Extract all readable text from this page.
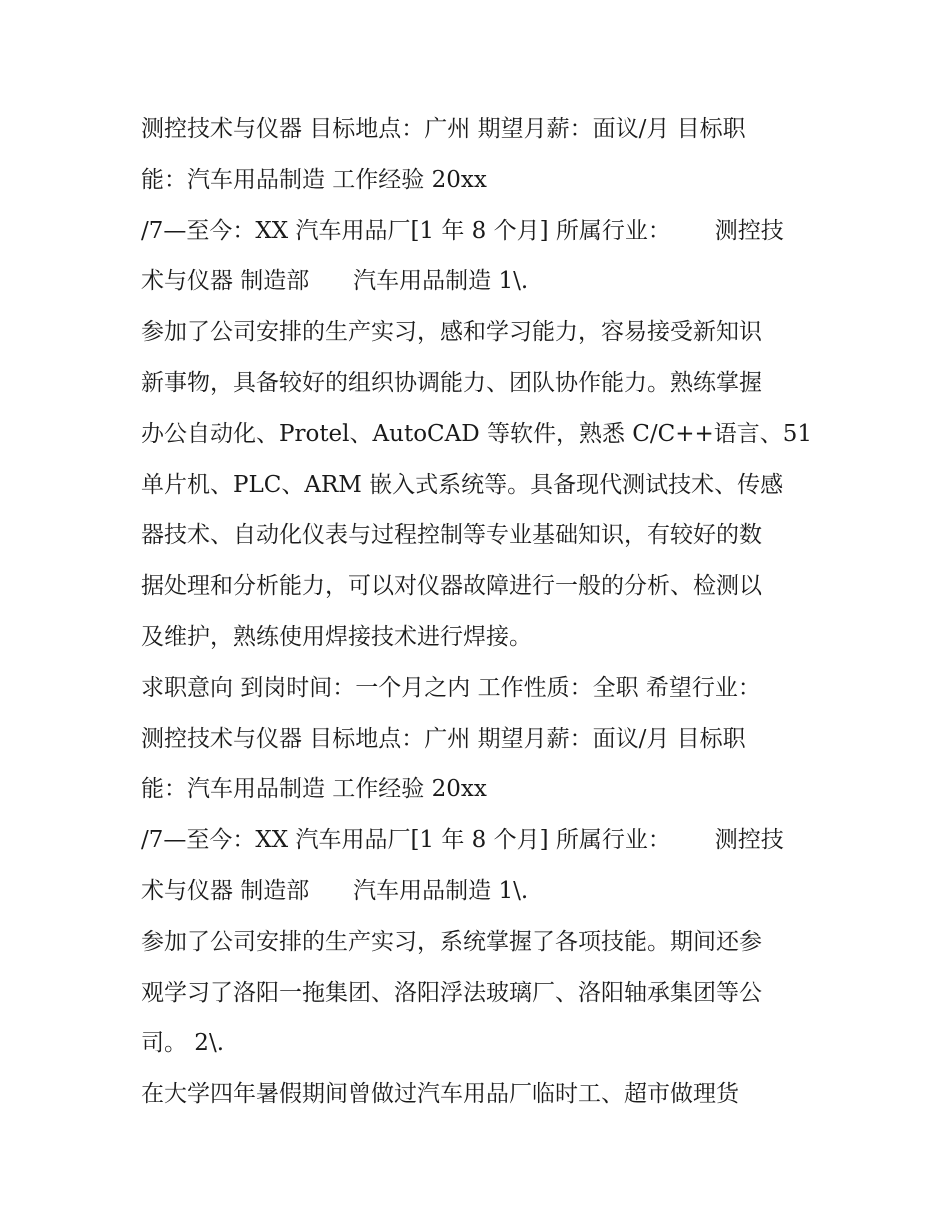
测控技术与仪器 目标地点：广州 期望月薪：面议/月 目标职
能：汽车用品制造 工作经验 20xx
/7—至今：XX 汽车用品厂[1 年 8 个月] 所属行业：      测控技
术与仪器 制造部      汽车用品制造 1\.
参加了公司安排的生产实习，感和学习能力，容易接受新知识
新事物，具备较好的组织协调能力、团队协作能力。熟练掌握
办公自动化、Protel、AutoCAD 等软件，熟悉 C/C++语言、51
单片机、PLC、ARM 嵌入式系统等。具备现代测试技术、传感
器技术、自动化仪表与过程控制等专业基础知识，有较好的数
据处理和分析能力，可以对仪器故障进行一般的分析、检测以
及维护，熟练使用焊接技术进行焊接。
求职意向 到岗时间：一个月之内 工作性质：全职 希望行业：
测控技术与仪器 目标地点：广州 期望月薪：面议/月 目标职
能：汽车用品制造 工作经验 20xx
/7—至今：XX 汽车用品厂[1 年 8 个月] 所属行业：      测控技
术与仪器 制造部      汽车用品制造 1\.
参加了公司安排的生产实习，系统掌握了各项技能。期间还参
观学习了洛阳一拖集团、洛阳浮法玻璃厂、洛阳轴承集团等公
司。 2\.
在大学四年暑假期间曾做过汽车用品厂临时工、超市做理货
